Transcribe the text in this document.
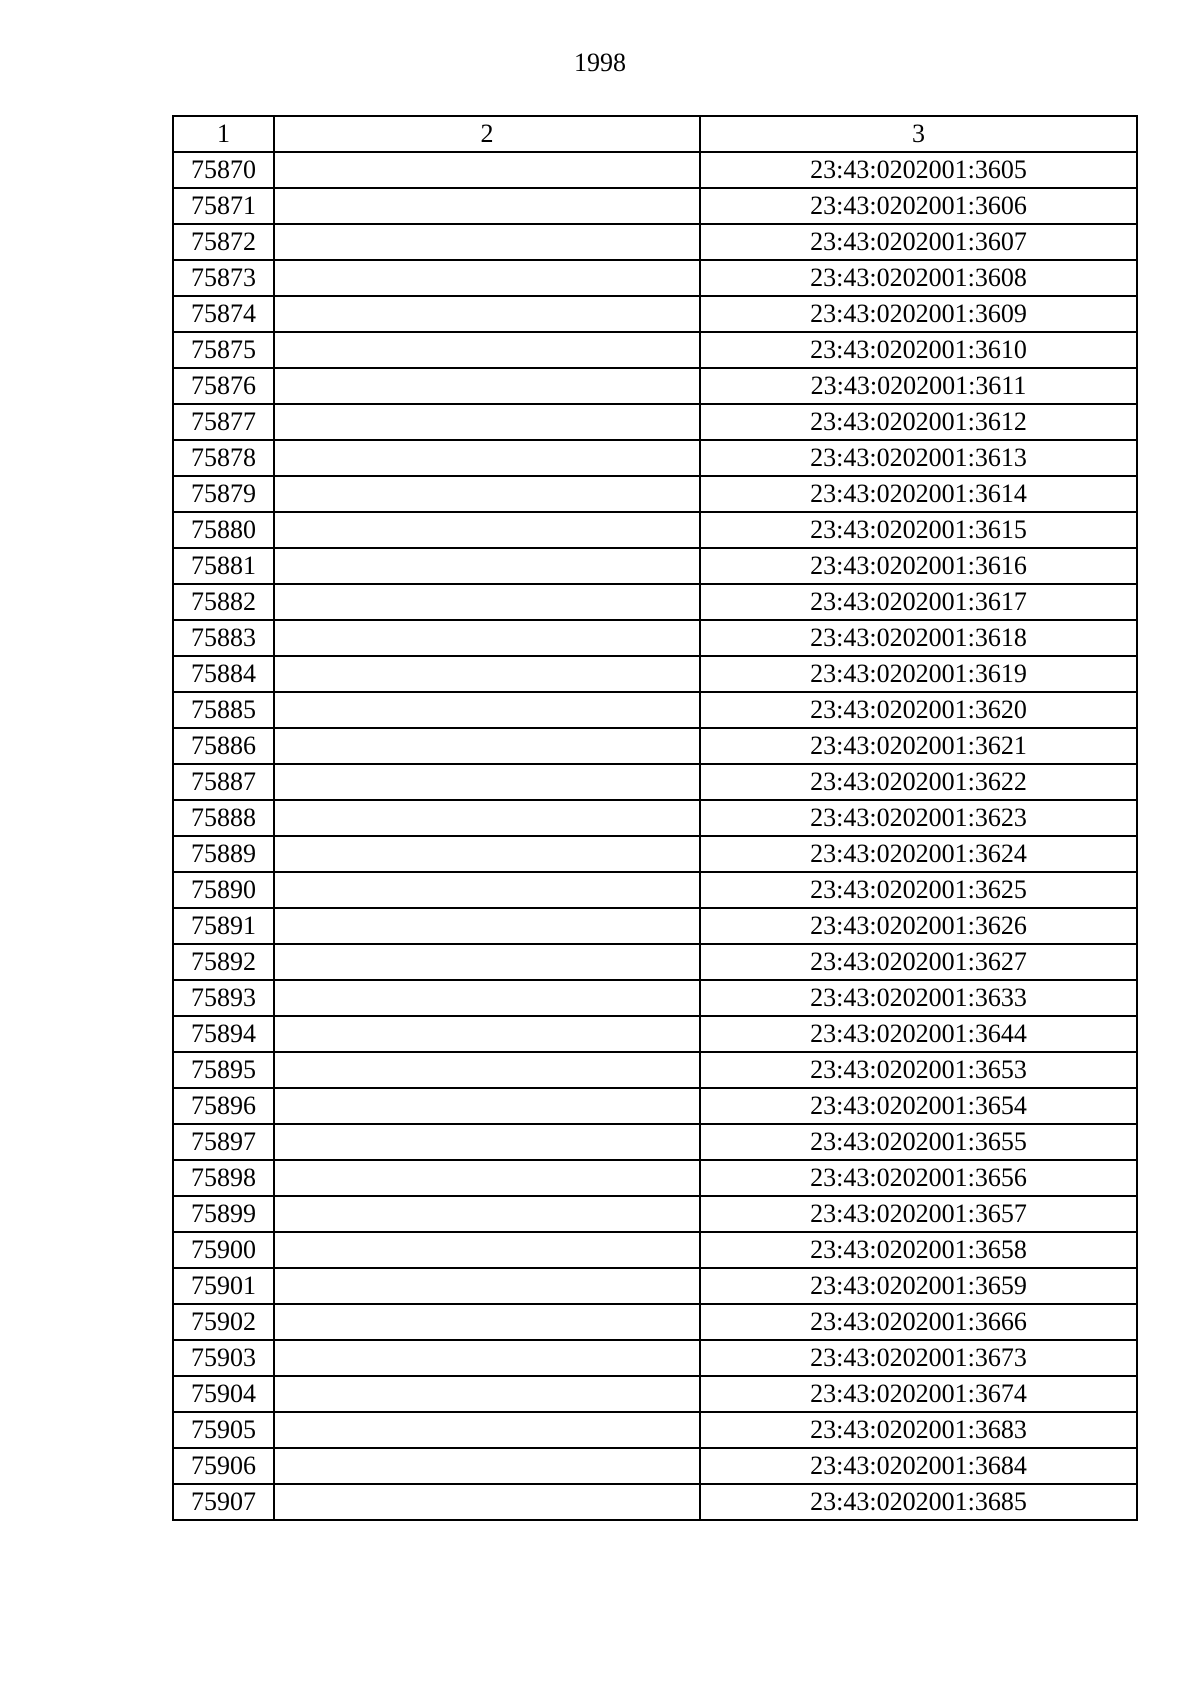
1998
1	2	3
75870		23:43:0202001:3605
75871		23:43:0202001:3606
75872		23:43:0202001:3607
75873		23:43:0202001:3608
75874		23:43:0202001:3609
75875		23:43:0202001:3610
75876		23:43:0202001:3611
75877		23:43:0202001:3612
75878		23:43:0202001:3613
75879		23:43:0202001:3614
75880		23:43:0202001:3615
75881		23:43:0202001:3616
75882		23:43:0202001:3617
75883		23:43:0202001:3618
75884		23:43:0202001:3619
75885		23:43:0202001:3620
75886		23:43:0202001:3621
75887		23:43:0202001:3622
75888		23:43:0202001:3623
75889		23:43:0202001:3624
75890		23:43:0202001:3625
75891		23:43:0202001:3626
75892		23:43:0202001:3627
75893		23:43:0202001:3633
75894		23:43:0202001:3644
75895		23:43:0202001:3653
75896		23:43:0202001:3654
75897		23:43:0202001:3655
75898		23:43:0202001:3656
75899		23:43:0202001:3657
75900		23:43:0202001:3658
75901		23:43:0202001:3659
75902		23:43:0202001:3666
75903		23:43:0202001:3673
75904		23:43:0202001:3674
75905		23:43:0202001:3683
75906		23:43:0202001:3684
75907		23:43:0202001:3685
